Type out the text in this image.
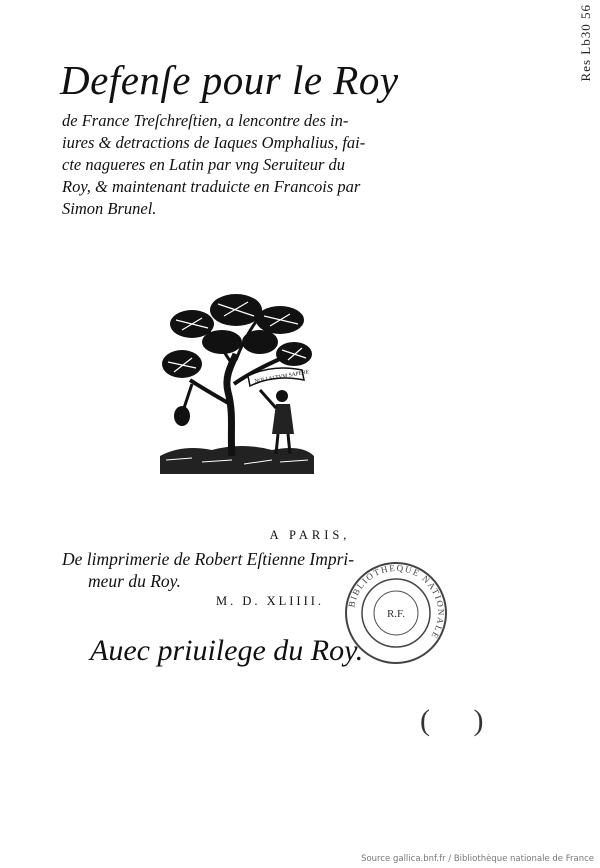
Res Lb30 56
Defenſe pour le Roy
de France Treſchreſtien, a lencontre des in-
iures & detractions de Iaques Omphalius, fai-
cte nagueres en Latin par vng Seruiteur du
Roy, & maintenant traduicte en Francois par
Simon Brunel.
NOLI ALTVM SAPERE
A PARIS,
De limprimerie de Robert Eſtienne Impri-
meur du Roy.
M. D. XLIIII.
Auec priuilege du Roy.
BIBLIOTHEQUE NATIONALE
R.F.
( )
Source gallica.bnf.fr / Bibliothèque nationale de France
